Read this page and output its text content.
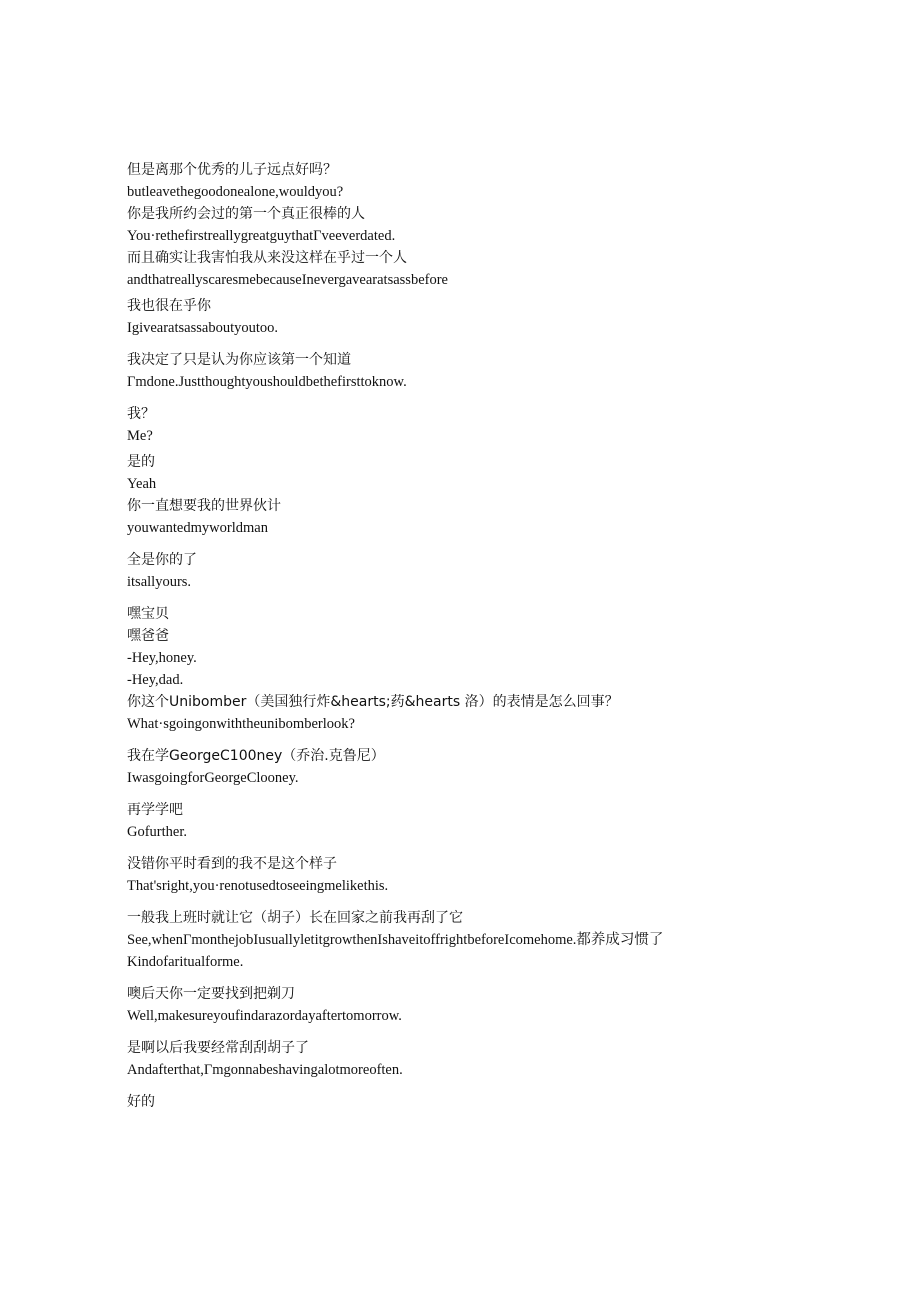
但是离那个优秀的儿子远点好吗？
butleavethegoodonealone,wouldyou?
你是我所约会过的第一个真正很棒的人
You·rethefirstreallygreatguythatΓveeverdated.
而且确实让我害怕我从来没这样在乎过一个人
andthatreallyscaresmebecauseInevergavearatsassbefore
我也很在乎你
Igivearatsassaboutyoutoo.
我决定了只是认为你应该第一个知道
Γmdone.Justthoughtyoushouldbethefirsttoknow.
我？
Me?
是的
Yeah
你一直想要我的世界伙计
youwantedmyworldman
全是你的了
itsallyours.
嘿宝贝
嘿爸爸
-Hey,honey.
-Hey,dad.
你这个Unibomber（美国独行炸&hearts;药&hearts 洛）的表情是怎么回事？
What·sgoingonwiththeunibomberlook?
我在学GeorgeC100ney（乔治.克鲁尼）
IwasgoingforGeorgeClooney.
再学学吧
Gofurther.
没错你平时看到的我不是这个样子
That'sright,you·renotusedtoseeingmelikethis.
一般我上班时就让它（胡子）长在回家之前我再刮了它
See,whenΓmonthejobIusuallyletitgrowthenIshaveitoffrightbeforeIcomehome.都养成习惯了
Kindofaritualforme.
噢后天你一定要找到把剃刀
Well,makesureyoufindarazordayaftertomorrow.
是啊以后我要经常刮刮胡子了
Andafterthat,Γmgonnabeshavingalotmoreoften.
好的
